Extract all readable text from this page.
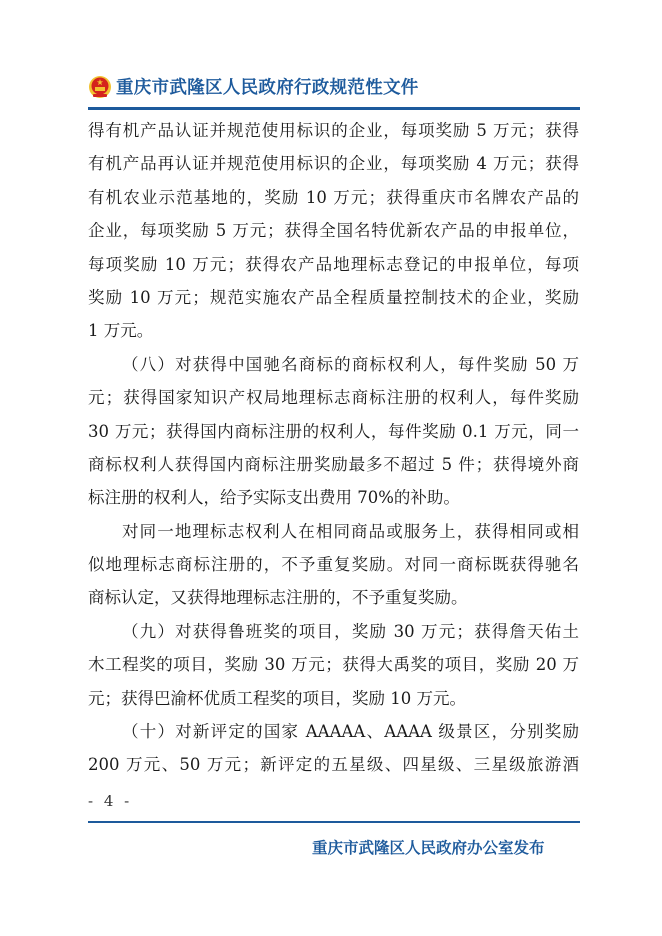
重庆市武隆区人民政府行政规范性文件
得有机产品认证并规范使用标识的企业，每项奖励 5 万元；获得
有机产品再认证并规范使用标识的企业，每项奖励 4 万元；获得
有机农业示范基地的，奖励 10 万元；获得重庆市名牌农产品的
企业，每项奖励 5 万元；获得全国名特优新农产品的申报单位，
每项奖励 10 万元；获得农产品地理标志登记的申报单位，每项
奖励 10 万元；规范实施农产品全程质量控制技术的企业，奖励
1 万元。
（八）对获得中国驰名商标的商标权利人，每件奖励 50 万
元；获得国家知识产权局地理标志商标注册的权利人，每件奖励
30 万元；获得国内商标注册的权利人，每件奖励 0.1 万元，同一
商标权利人获得国内商标注册奖励最多不超过 5 件；获得境外商
标注册的权利人，给予实际支出费用 70%的补助。
对同一地理标志权利人在相同商品或服务上，获得相同或相
似地理标志商标注册的，不予重复奖励。对同一商标既获得驰名
商标认定，又获得地理标志注册的，不予重复奖励。
（九）对获得鲁班奖的项目，奖励 30 万元；获得詹天佑土
木工程奖的项目，奖励 30 万元；获得大禹奖的项目，奖励 20 万
元；获得巴渝杯优质工程奖的项目，奖励 10 万元。
（十）对新评定的国家 AAAAA、AAAA 级景区，分别奖励
200 万元、50 万元；新评定的五星级、四星级、三星级旅游酒
- 4 -
重庆市武隆区人民政府办公室发布
